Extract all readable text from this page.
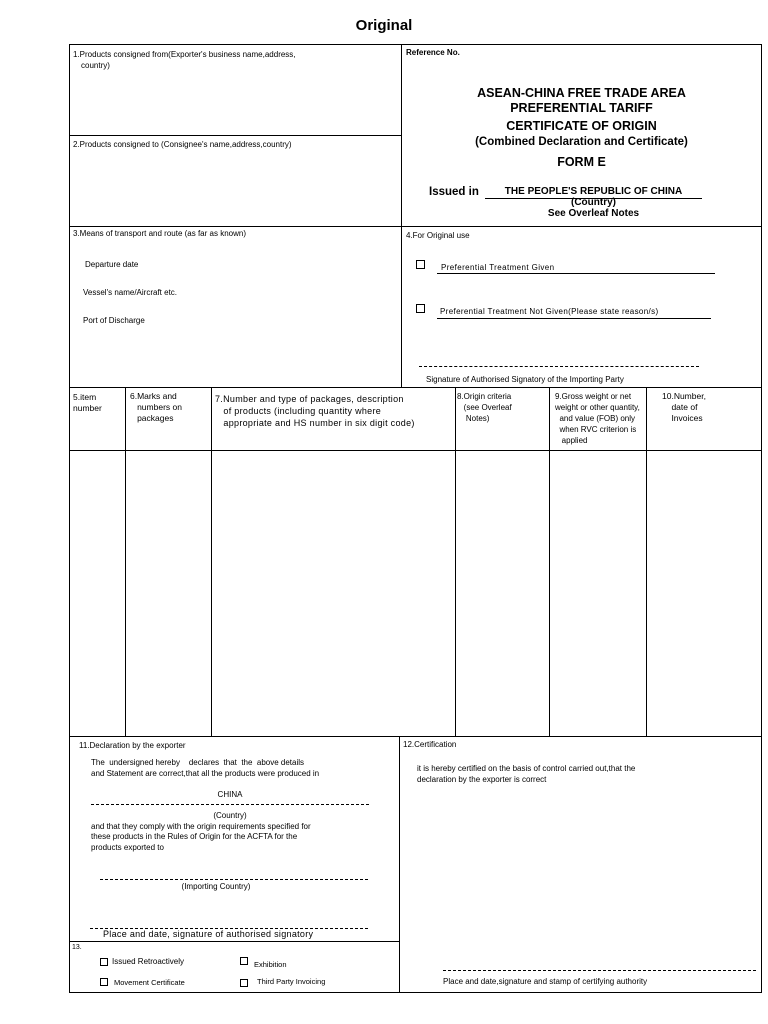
Original
1.Products consigned from(Exporter's business name,address,
country)
2.Products consigned to (Consignee's name,address,country)
Reference No.
ASEAN-CHINA FREE TRADE AREA
PREFERENTIAL TARIFF
CERTIFICATE OF ORIGIN
(Combined Declaration and Certificate)
FORM E
Issued in	THE PEOPLE'S REPUBLIC OF CHINA
(Country)
See Overleaf Notes
3.Means of transport and route (as far as known)
Departure date
Vessel's name/Aircraft etc.
Port of Discharge
4.For Original use
Preferential Treatment Given
Preferential Treatment Not Given(Please state reason/s)
Signature of Authorised Signatory of the Importing Party
5.item
number
6.Marks and
numbers on
packages
7.Number and type of packages, description
of products (including quantity where
appropriate and HS number in six digit code)
8.Origin criteria
(see Overleaf
Notes)
9.Gross weight or net
weight or other quantity,
and value (FOB) only
when RVC criterion is
applied
10.Number,
date of
Invoices
11.Declaration by the exporter
The  undersigned hereby    declares  that  the  above details
and Statement are correct,that all the products were produced in
CHINA
(Country)
and that they comply with the origin requirements specified for
these products in the Rules of Origin for the ACFTA for the
products exported to
(Importing Country)
Place and date, signature of authorised signatory
12.Certification
it is hereby certified on the basis of control carried out,that the
declaration by the exporter is correct
Place and date,signature and stamp of certifying authority
13.
Issued Retroactively	Exhibition
Movement Certificate	Third Party Invoicing
